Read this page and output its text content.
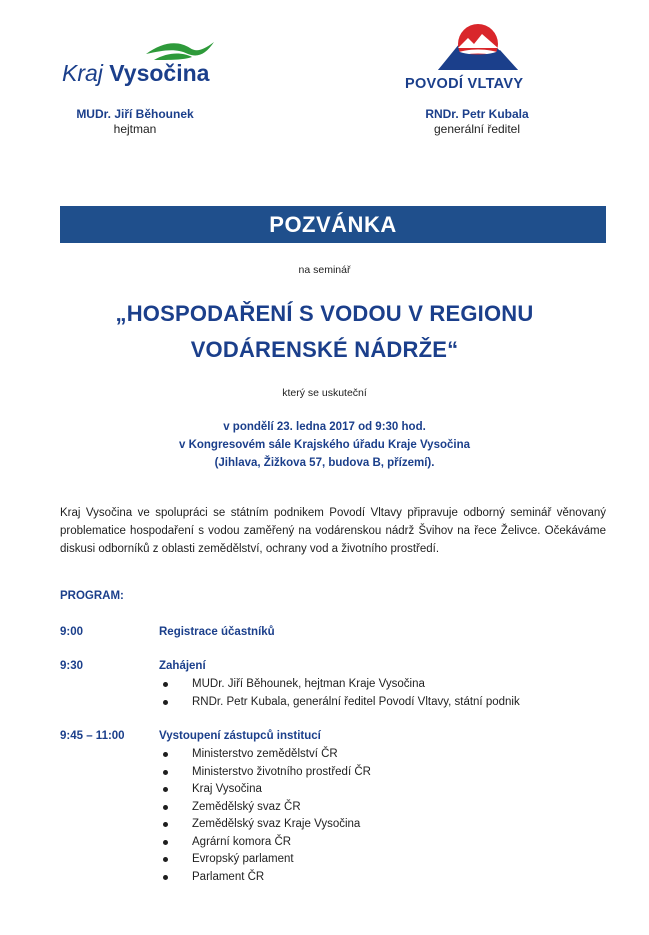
Kraj Vysočina	POVODÍ VLTAVY
MUDr. Jiří Běhounek
hejtman
RNDr. Petr Kubala
generální ředitel
POZVÁNKA
na seminář
„HOSPODAŘENÍ S VODOU V REGIONU
VODÁRENSKÉ NÁDRŽE“
který se uskuteční
v pondělí 23. ledna 2017 od 9:30 hod.
v Kongresovém sále Krajského úřadu Kraje Vysočina
(Jihlava, Žižkova 57, budova B, přízemí).
Kraj Vysočina ve spolupráci se státním podnikem Povodí Vltavy připravuje odborný seminář věnovaný problematice hospodaření s vodou zaměřený na vodárenskou nádrž Švihov na řece Želivce. Očekáváme diskusi odborníků z oblasti zemědělství, ochrany vod a životního prostředí.
PROGRAM:
9:00	Registrace účastníků
9:30	Zahájení
MUDr. Jiří Běhounek, hejtman Kraje Vysočina
RNDr. Petr Kubala, generální ředitel Povodí Vltavy, státní podnik
9:45 – 11:00	Vystoupení zástupců institucí
Ministerstvo zemědělství ČR
Ministerstvo životního prostředí ČR
Kraj Vysočina
Zemědělský svaz ČR
Zemědělský svaz Kraje Vysočina
Agrární komora ČR
Evropský parlament
Parlament ČR
